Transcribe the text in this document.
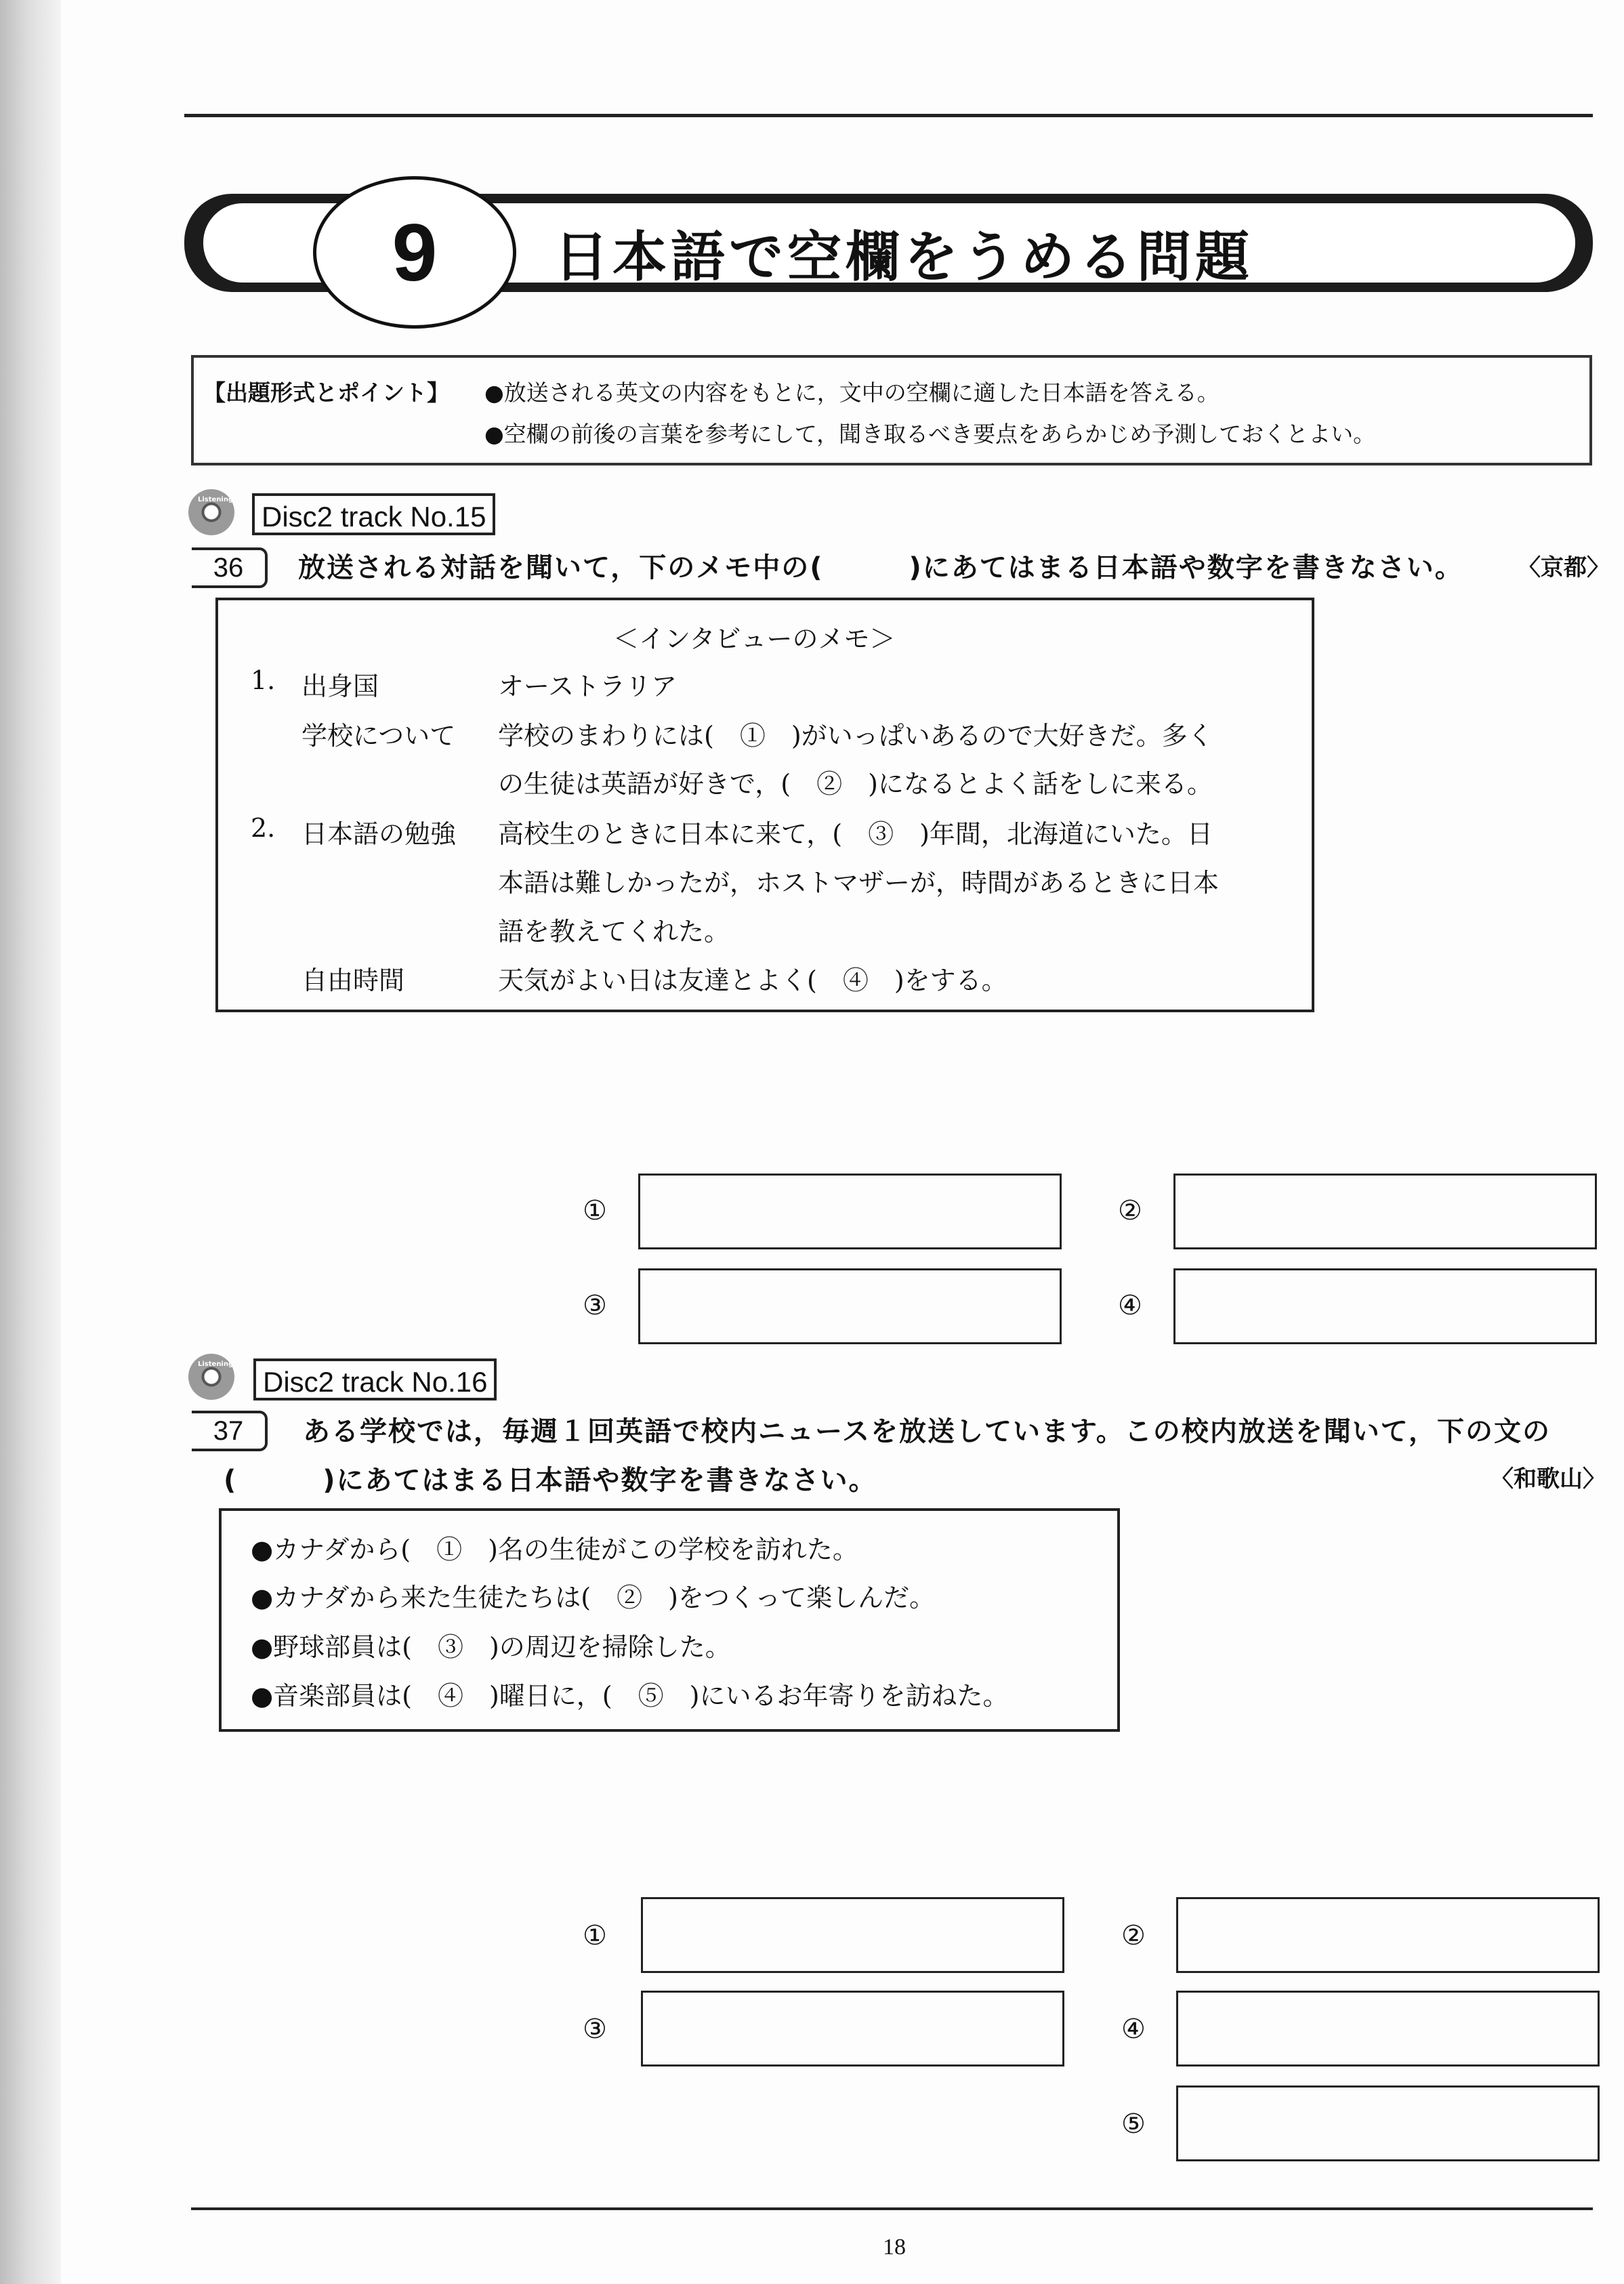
9	日本語で空欄をうめる問題
【出題形式とポイント】 ●放送される英文の内容をもとに，文中の空欄に適した日本語を答える。
●空欄の前後の言葉を参考にして，聞き取るべき要点をあらかじめ予測しておくとよい。
Listening
Disc2 track No.15
36	放送される対話を聞いて，下のメモ中の(　　　)にあてはまる日本語や数字を書きなさい。 〈京都〉
＜インタビューのメモ＞
1. 出身国	オーストラリア
学校について 学校のまわりには(　①　)がいっぱいあるので大好きだ。多く
の生徒は英語が好きで，(　②　)になるとよく話をしに来る。
2. 日本語の勉強 高校生のときに日本に来て，(　③　)年間，北海道にいた。日
本語は難しかったが，ホストマザーが，時間があるときに日本
語を教えてくれた。
自由時間	天気がよい日は友達とよく(　④　)をする。
①	②
③	④
Listening
Disc2 track No.16
37	ある学校では，毎週１回英語で校内ニュースを放送しています。この校内放送を聞いて，下の文の
(　　　)にあてはまる日本語や数字を書きなさい。	〈和歌山〉
●カナダから(　①　)名の生徒がこの学校を訪れた。
●カナダから来た生徒たちは(　②　)をつくって楽しんだ。
●野球部員は(　③　)の周辺を掃除した。
●音楽部員は(　④　)曜日に，(　⑤　)にいるお年寄りを訪ねた。
①	②
③	④
⑤
18
